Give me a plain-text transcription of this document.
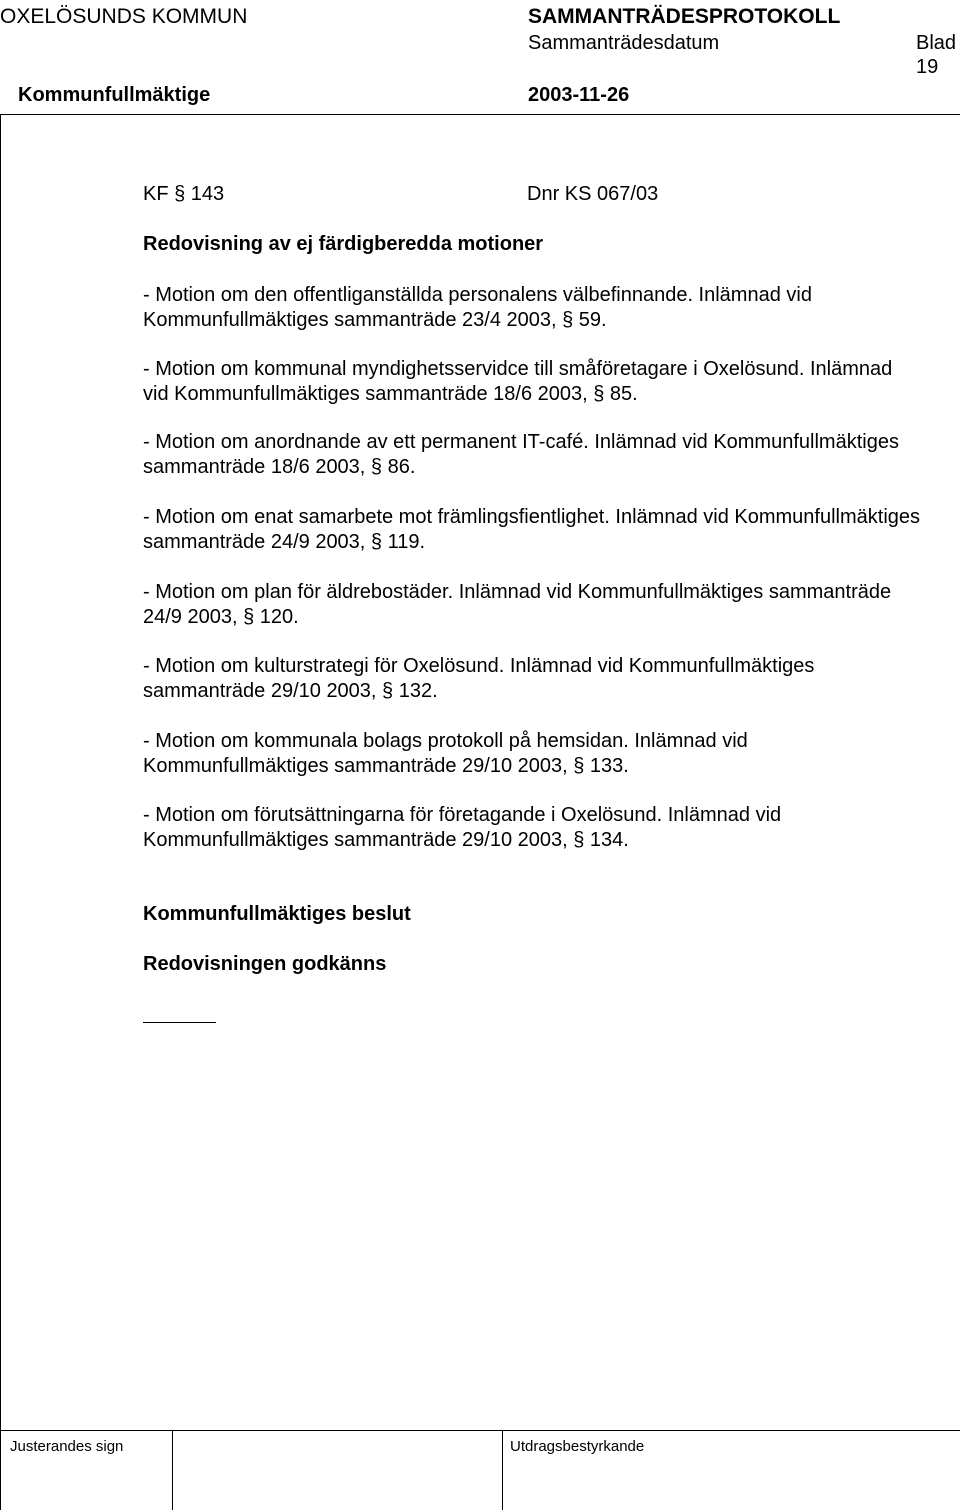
OXELÖSUNDS KOMMUN	SAMMANTRÄDESPROTOKOLL
Sammanträdesdatum	Blad
19
Kommunfullmäktige	2003-11-26
KF § 143	Dnr KS 067/03
Redovisning av ej färdigberedda motioner
- Motion om den offentliganställda personalens välbefinnande. Inlämnad vid Kommunfullmäktiges sammanträde 23/4 2003, § 59.
- Motion om kommunal myndighetsservidce till småföretagare i Oxelösund. Inlämnad vid Kommunfullmäktiges sammanträde 18/6 2003, § 85.
- Motion om anordnande av ett permanent IT-café. Inlämnad vid Kommunfullmäktiges sammanträde 18/6 2003, § 86.
- Motion om enat samarbete mot främlingsfientlighet. Inlämnad vid Kommunfullmäktiges sammanträde 24/9 2003, § 119.
- Motion om plan för äldrebostäder. Inlämnad vid Kommunfullmäktiges sammanträde 24/9 2003, § 120.
- Motion om kulturstrategi för Oxelösund. Inlämnad vid Kommunfullmäktiges sammanträde 29/10 2003, § 132.
- Motion om kommunala bolags protokoll på hemsidan. Inlämnad vid Kommunfullmäktiges sammanträde 29/10 2003, § 133.
- Motion om förutsättningarna för företagande i Oxelösund. Inlämnad vid Kommunfullmäktiges sammanträde 29/10 2003, § 134.
Kommunfullmäktiges beslut
Redovisningen godkänns
Justerandes sign	Utdragsbestyrkande
